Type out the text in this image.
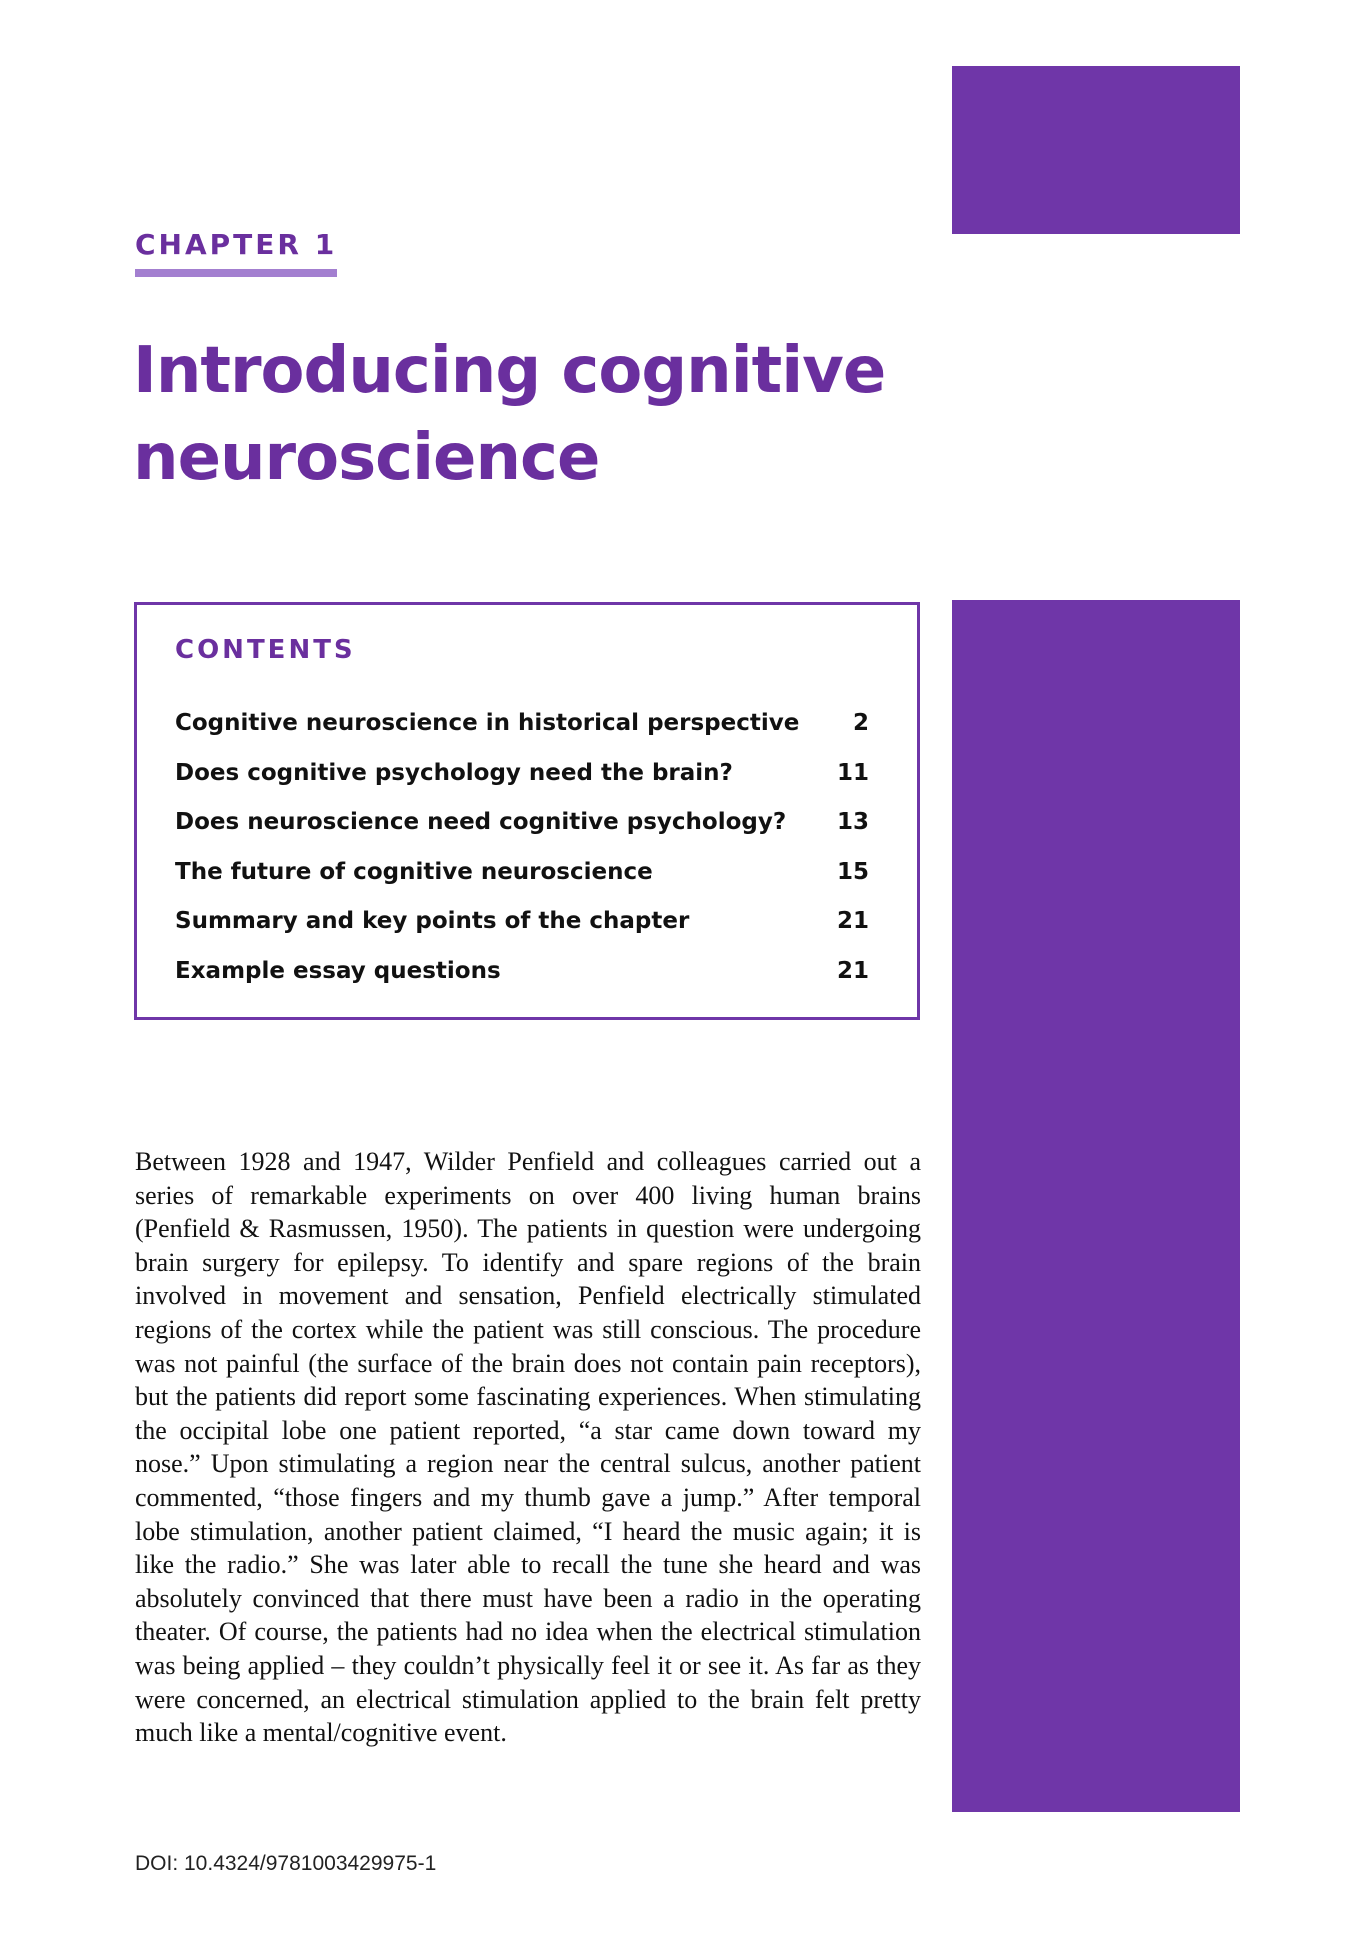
CHAPTER 1
Introducing cognitive neuroscience
CONTENTS
Cognitive neuroscience in historical perspective	2
Does cognitive psychology need the brain?	11
Does neuroscience need cognitive psychology?	13
The future of cognitive neuroscience	15
Summary and key points of the chapter	21
Example essay questions	21

Between 1928 and 1947, Wilder Penfield and colleagues carried out a series of remarkable experiments on over 400 living human brains (Penfield & Rasmussen, 1950). The patients in question were undergoing brain surgery for epilepsy. To identify and spare regions of the brain involved in movement and sensation, Penfield electrically stimulated regions of the cortex while the patient was still conscious. The procedure was not painful (the surface of the brain does not contain pain receptors), but the patients did report some fascinating experiences. When stimulating the occipital lobe one patient reported, “a star came down toward my nose.” Upon stimulating a region near the central sulcus, another patient commented, “those fingers and my thumb gave a jump.” After temporal lobe stimulation, another patient claimed, “I heard the music again; it is like the radio.” She was later able to recall the tune she heard and was absolutely convinced that there must have been a radio in the operating theater. Of course, the patients had no idea when the electrical stimulation was being applied – they couldn’t physically feel it or see it. As far as they were concerned, an electrical stimulation applied to the brain felt pretty much like a mental/cognitive event.

DOI: 10.4324/9781003429975-1
